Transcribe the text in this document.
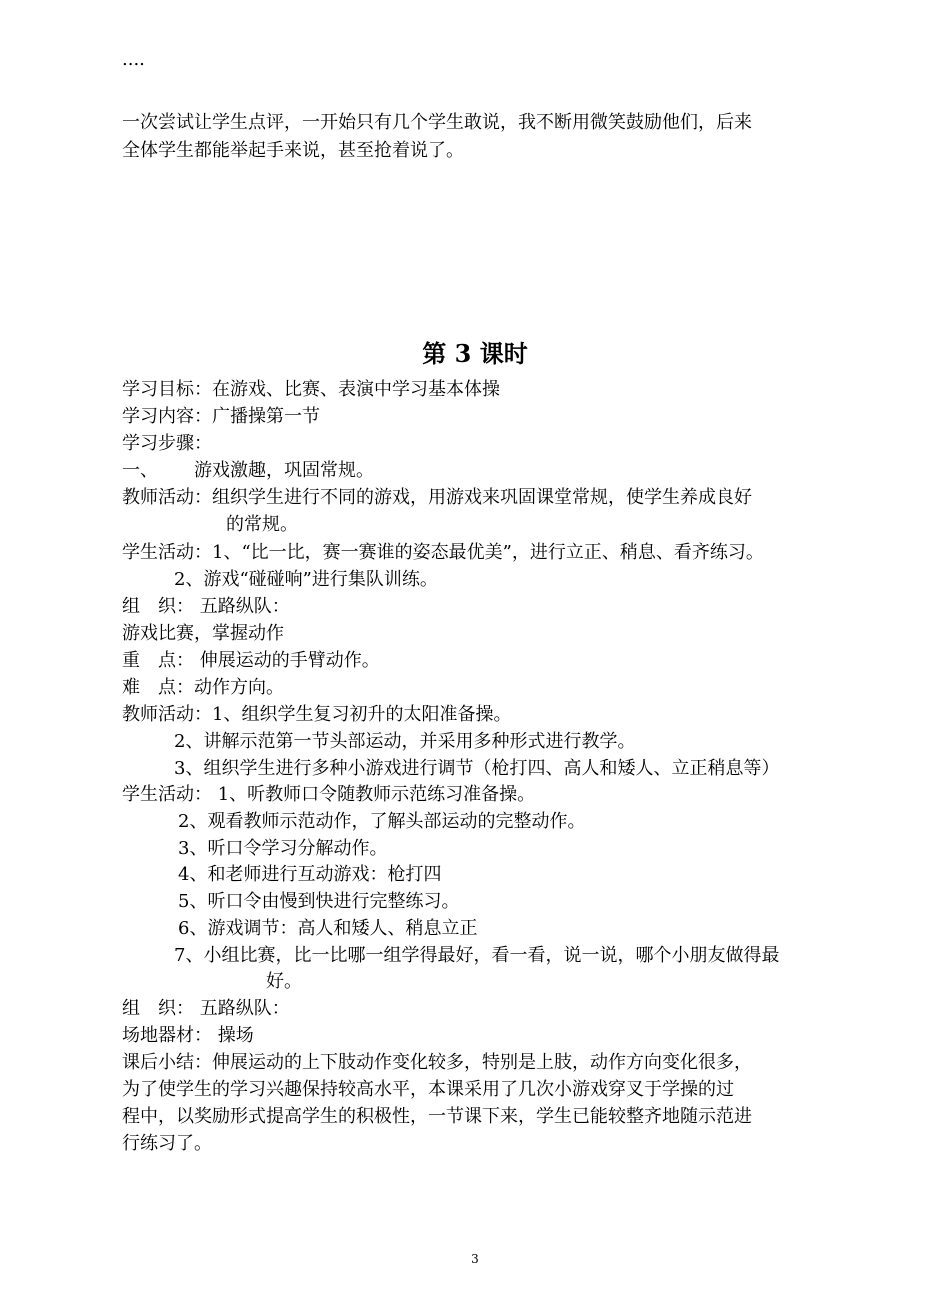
....
一次尝试让学生点评，一开始只有几个学生敢说，我不断用微笑鼓励他们，后来
全体学生都能举起手来说，甚至抢着说了。
第 3 课时
学习目标：在游戏、比赛、表演中学习基本体操
学习内容：广播操第一节
学习步骤：
一、 游戏激趣，巩固常规。
教师活动：组织学生进行不同的游戏，用游戏来巩固课堂常规，使学生养成良好
的常规。
学生活动：1、“比一比，赛一赛谁的姿态最优美”，进行立正、稍息、看齐练习。
2、游戏“碰碰响”进行集队训练。
组　织： 五路纵队：
游戏比赛，掌握动作
重　点： 伸展运动的手臂动作。
难　点：动作方向。
教师活动：1、组织学生复习初升的太阳准备操。
2、讲解示范第一节头部运动，并采用多种形式进行教学。
3、组织学生进行多种小游戏进行调节（枪打四、高人和矮人、立正稍息等）
学生活动： 1、听教师口令随教师示范练习准备操。
2、观看教师示范动作，了解头部运动的完整动作。
3、听口令学习分解动作。
4、和老师进行互动游戏：枪打四
5、听口令由慢到快进行完整练习。
6、游戏调节：高人和矮人、稍息立正
7、小组比赛，比一比哪一组学得最好，看一看，说一说，哪个小朋友做得最
好。
组　织： 五路纵队：
场地器材： 操场
课后小结：伸展运动的上下肢动作变化较多，特别是上肢，动作方向变化很多，
为了使学生的学习兴趣保持较高水平，本课采用了几次小游戏穿叉于学操的过
程中，以奖励形式提高学生的积极性，一节课下来，学生已能较整齐地随示范进
行练习了。
3
